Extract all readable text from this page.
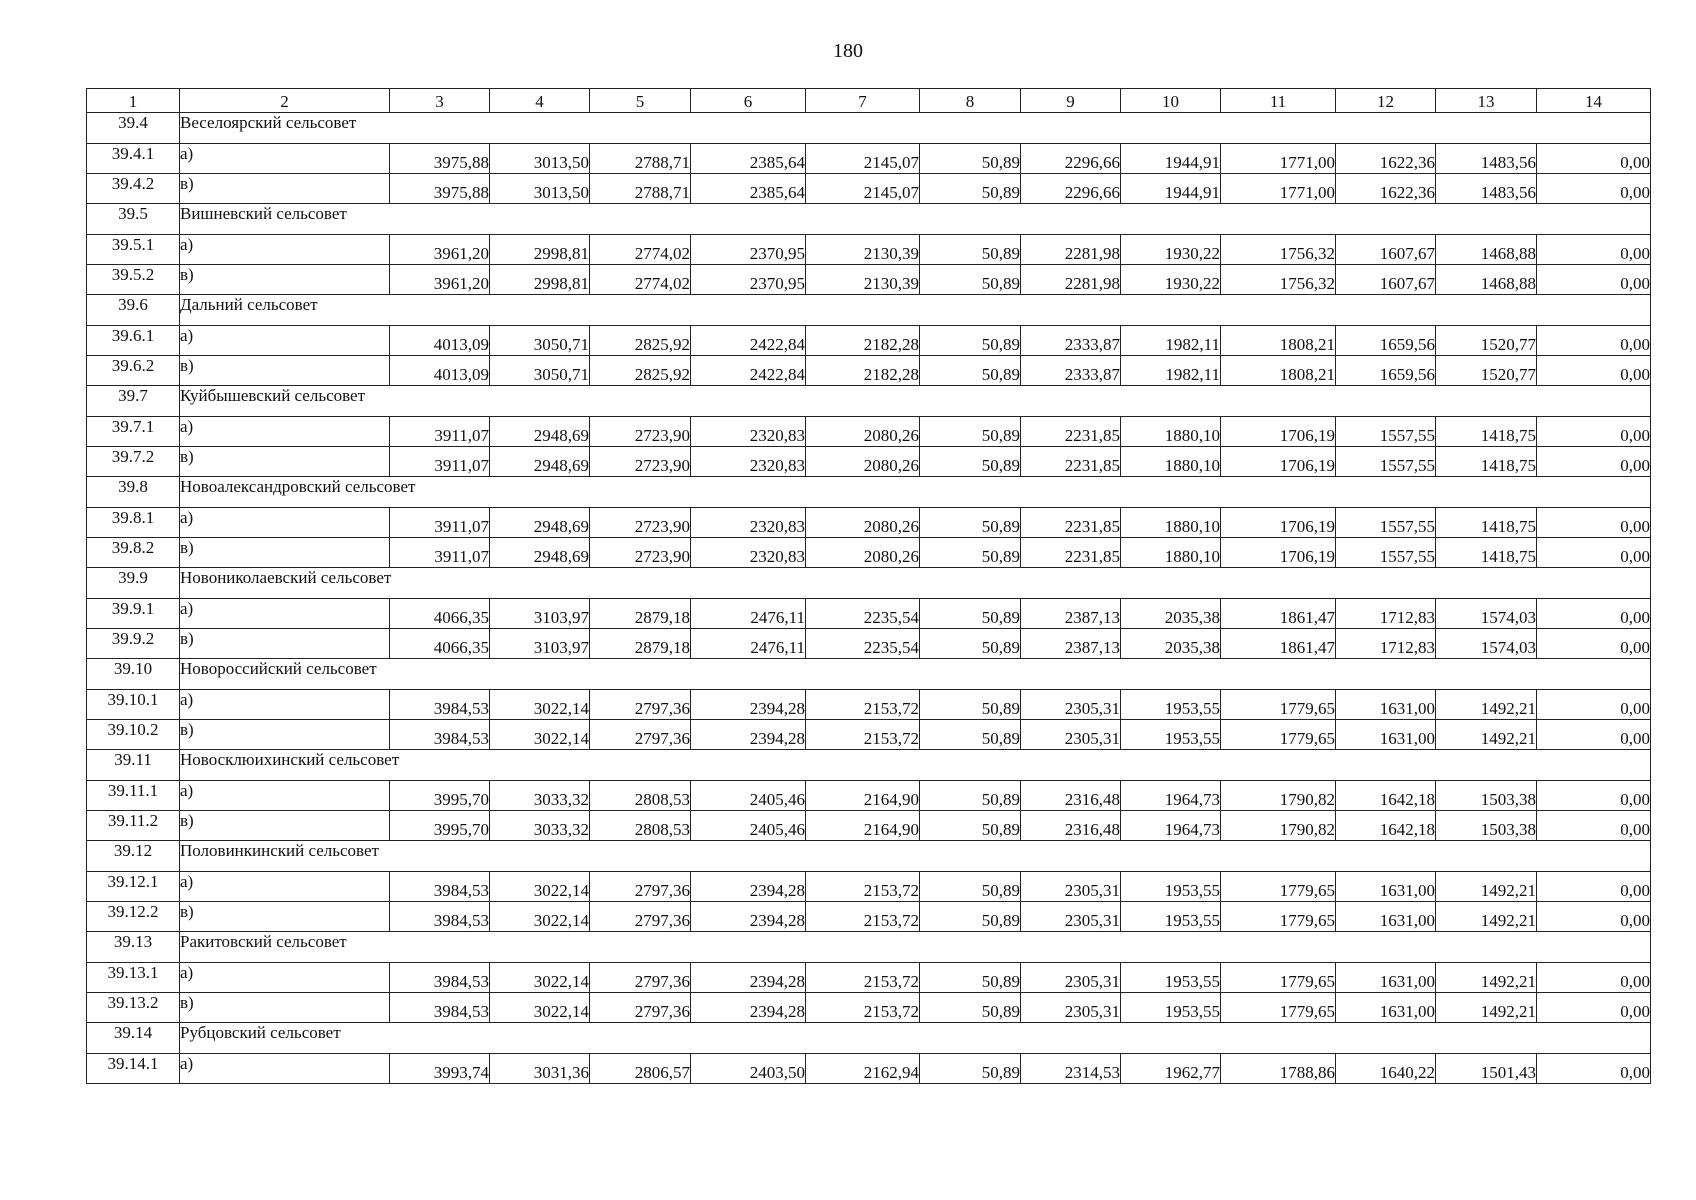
180
1	2	3	4	5	6	7	8	9	10	11	12	13	14
39.4	Веселоярский сельсовет												
39.4.1	а)	3975,88	3013,50	2788,71	2385,64	2145,07	50,89	2296,66	1944,91	1771,00	1622,36	1483,56	0,00
39.4.2	в)	3975,88	3013,50	2788,71	2385,64	2145,07	50,89	2296,66	1944,91	1771,00	1622,36	1483,56	0,00
39.5	Вишневский сельсовет												
39.5.1	а)	3961,20	2998,81	2774,02	2370,95	2130,39	50,89	2281,98	1930,22	1756,32	1607,67	1468,88	0,00
39.5.2	в)	3961,20	2998,81	2774,02	2370,95	2130,39	50,89	2281,98	1930,22	1756,32	1607,67	1468,88	0,00
39.6	Дальний сельсовет												
39.6.1	а)	4013,09	3050,71	2825,92	2422,84	2182,28	50,89	2333,87	1982,11	1808,21	1659,56	1520,77	0,00
39.6.2	в)	4013,09	3050,71	2825,92	2422,84	2182,28	50,89	2333,87	1982,11	1808,21	1659,56	1520,77	0,00
39.7	Куйбышевский сельсовет												
39.7.1	а)	3911,07	2948,69	2723,90	2320,83	2080,26	50,89	2231,85	1880,10	1706,19	1557,55	1418,75	0,00
39.7.2	в)	3911,07	2948,69	2723,90	2320,83	2080,26	50,89	2231,85	1880,10	1706,19	1557,55	1418,75	0,00
39.8	Новоалександровский сельсовет												
39.8.1	а)	3911,07	2948,69	2723,90	2320,83	2080,26	50,89	2231,85	1880,10	1706,19	1557,55	1418,75	0,00
39.8.2	в)	3911,07	2948,69	2723,90	2320,83	2080,26	50,89	2231,85	1880,10	1706,19	1557,55	1418,75	0,00
39.9	Новониколаевский сельсовет												
39.9.1	а)	4066,35	3103,97	2879,18	2476,11	2235,54	50,89	2387,13	2035,38	1861,47	1712,83	1574,03	0,00
39.9.2	в)	4066,35	3103,97	2879,18	2476,11	2235,54	50,89	2387,13	2035,38	1861,47	1712,83	1574,03	0,00
39.10	Новороссийский сельсовет												
39.10.1	а)	3984,53	3022,14	2797,36	2394,28	2153,72	50,89	2305,31	1953,55	1779,65	1631,00	1492,21	0,00
39.10.2	в)	3984,53	3022,14	2797,36	2394,28	2153,72	50,89	2305,31	1953,55	1779,65	1631,00	1492,21	0,00
39.11	Новосклюихинский сельсовет												
39.11.1	а)	3995,70	3033,32	2808,53	2405,46	2164,90	50,89	2316,48	1964,73	1790,82	1642,18	1503,38	0,00
39.11.2	в)	3995,70	3033,32	2808,53	2405,46	2164,90	50,89	2316,48	1964,73	1790,82	1642,18	1503,38	0,00
39.12	Половинкинский сельсовет												
39.12.1	а)	3984,53	3022,14	2797,36	2394,28	2153,72	50,89	2305,31	1953,55	1779,65	1631,00	1492,21	0,00
39.12.2	в)	3984,53	3022,14	2797,36	2394,28	2153,72	50,89	2305,31	1953,55	1779,65	1631,00	1492,21	0,00
39.13	Ракитовский сельсовет												
39.13.1	а)	3984,53	3022,14	2797,36	2394,28	2153,72	50,89	2305,31	1953,55	1779,65	1631,00	1492,21	0,00
39.13.2	в)	3984,53	3022,14	2797,36	2394,28	2153,72	50,89	2305,31	1953,55	1779,65	1631,00	1492,21	0,00
39.14	Рубцовский сельсовет												
39.14.1	а)	3993,74	3031,36	2806,57	2403,50	2162,94	50,89	2314,53	1962,77	1788,86	1640,22	1501,43	0,00
